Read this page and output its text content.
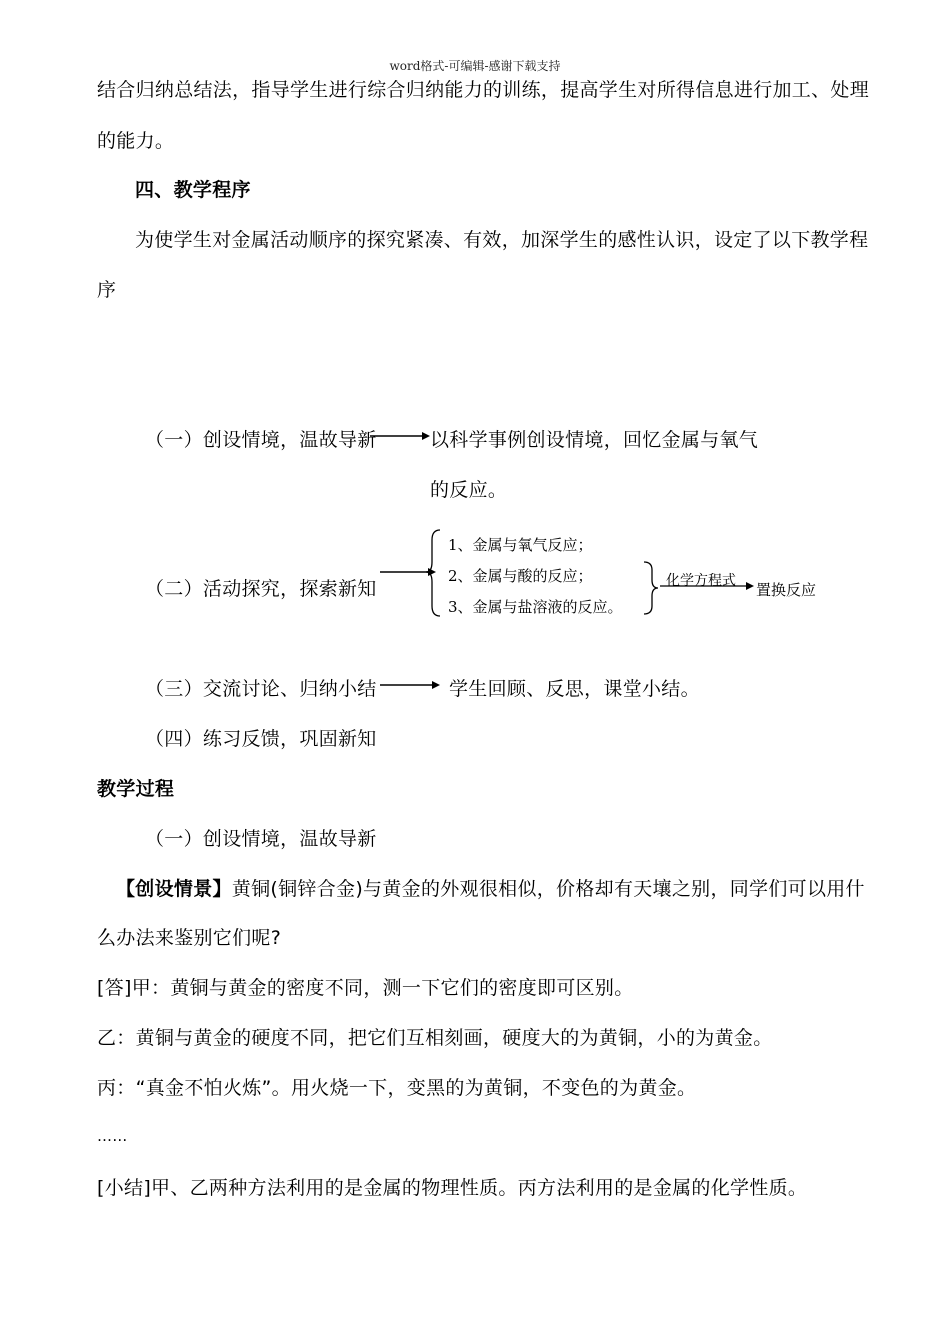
word格式-可编辑-感谢下载支持
结合归纳总结法，指导学生进行综合归纳能力的训练，提高学生对所得信息进行加工、处理
的能力。
四、教学程序
为使学生对金属活动顺序的探究紧凑、有效，加深学生的感性认识，设定了以下教学程
序
（一）创设情境，温故导新	以科学事例创设情境，回忆金属与氧气
的反应。
（二）活动探究，探索新知
1、金属与氧气反应；
2、金属与酸的反应；
3、金属与盐溶液的反应。
化学方程式 置换反应
（三）交流讨论、归纳小结	学生回顾、反思，课堂小结。
（四）练习反馈，巩固新知
教学过程
（一）创设情境，温故导新
【创设情景】黄铜(铜锌合金)与黄金的外观很相似，价格却有天壤之别，同学们可以用什
么办法来鉴别它们呢?
[答]甲：黄铜与黄金的密度不同，测一下它们的密度即可区别。
乙：黄铜与黄金的硬度不同，把它们互相刻画，硬度大的为黄铜，小的为黄金。
丙：“真金不怕火炼”。用火烧一下，变黑的为黄铜，不变色的为黄金。
……
[小结]甲、乙两种方法利用的是金属的物理性质。丙方法利用的是金属的化学性质。
